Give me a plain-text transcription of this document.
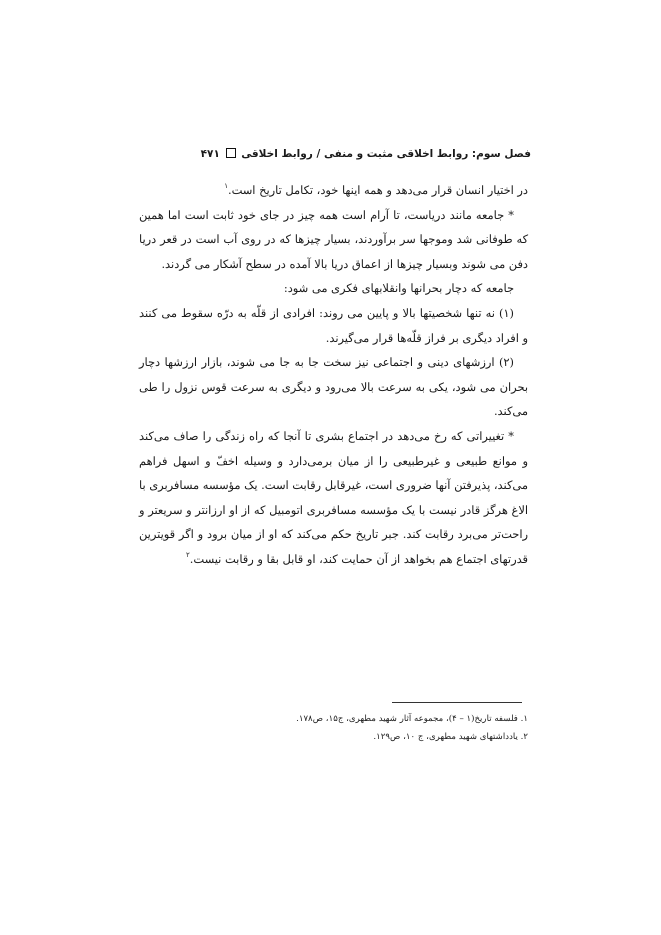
فصل سوم: روابط اخلاقی مثبت و منفی / روابط اخلاقی  ۴۷۱

در اختیار انسان قرار می‌دهد و همه اینها خود، تکامل تاریخ است.$^۱$

* جامعه مانند دریاست، تا آرام است همه چیز در جای خود ثابت است اما همین که طوفانی شد وموجها سر برآوردند، بسیار چیزها که در روی آب است در قعر دریا دفن می شوند وبسیار چیزها از اعماق دریا بالا آمده در سطح آشکار می گردند.

جامعه که دچار بحرانها وانقلابهای فکری می شود:

(۱) نه تنها شخصیتها بالا و پایین می روند: افرادی از قلّه به درّه سقوط می کنند و افراد دیگری بر فراز قلّه‌ها قرار می‌گیرند.

(۲) ارزشهای دینی و اجتماعی نیز سخت جا به جا می شوند، بازار ارزشها دچار بحران می شود، یکی به سرعت بالا می‌رود و دیگری به سرعت قوس نزول را طی می‌کند.

* تغییراتی که رخ می‌دهد در اجتماع بشری تا آنجا که راه زندگی را صاف می‌کند و موانع طبیعی و غیرطبیعی را از میان برمی‌دارد و وسیله اخفّ و اسهل فراهم می‌کند، پذیرفتن آنها ضروری است، غیرقابل رقابت است. یک مؤسسه مسافربری با الاغ هرگز قادر نیست با یک مؤسسه مسافربری اتومبیل که از او ارزانتر و سریعتر و راحت‌تر می‌برد رقابت کند. جبر تاریخ حکم می‌کند که او از میان برود و اگر قویترین قدرتهای اجتماع هم بخواهد از آن حمایت کند، او قابل بقا و رقابت نیست.$^۲$

۱. فلسفه تاریخ(۱ – ۴)، مجموعه آثار شهید مطهری، ج۱۵، ص۱۷۸.
۲. یادداشتهای شهید مطهری، ج ۱۰، ص۱۲۹.
